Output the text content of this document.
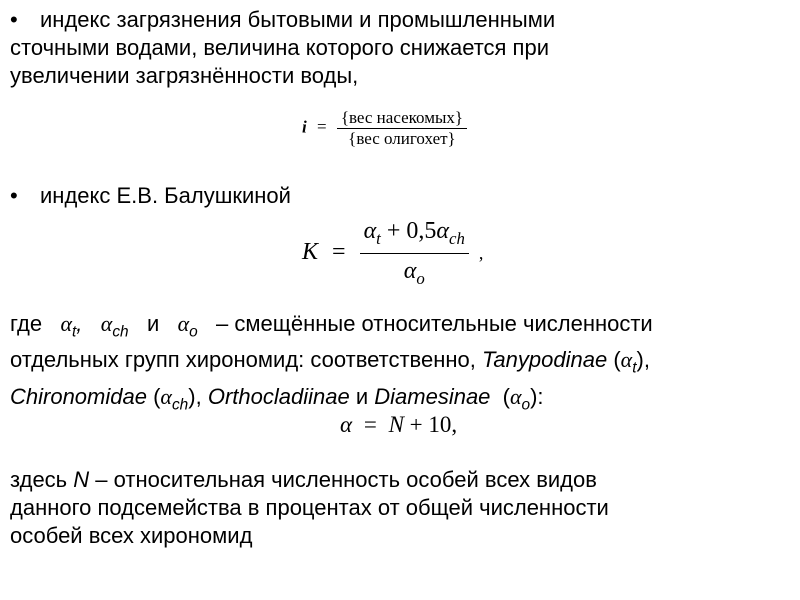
• индекс загрязнения бытовыми и промышленными
сточными водами, величина которого снижается при
увеличении загрязнённости воды,
$i = \frac{\text{\{вес насекомых\}}}{\text{\{вес олигохет\}}}$
• индекс Е.В. Балушкиной
$K = \frac{\alpha_t + 0,5\alpha_{ch}}{\alpha_o}$ ,
где $\alpha_t$, $\alpha_{ch}$ и $\alpha_o$ – смещённые относительные численности
отдельных групп хирономид: соответственно, Tanypodinae $(\alpha_t)$,
Chironomidae $(\alpha_{ch})$, Orthocladiinae и Diamesinae $(\alpha_o)$:
α = N + 10,
здесь N – относительная численность особей всех видов
данного подсемейства в процентах от общей численности
особей всех хирономид
